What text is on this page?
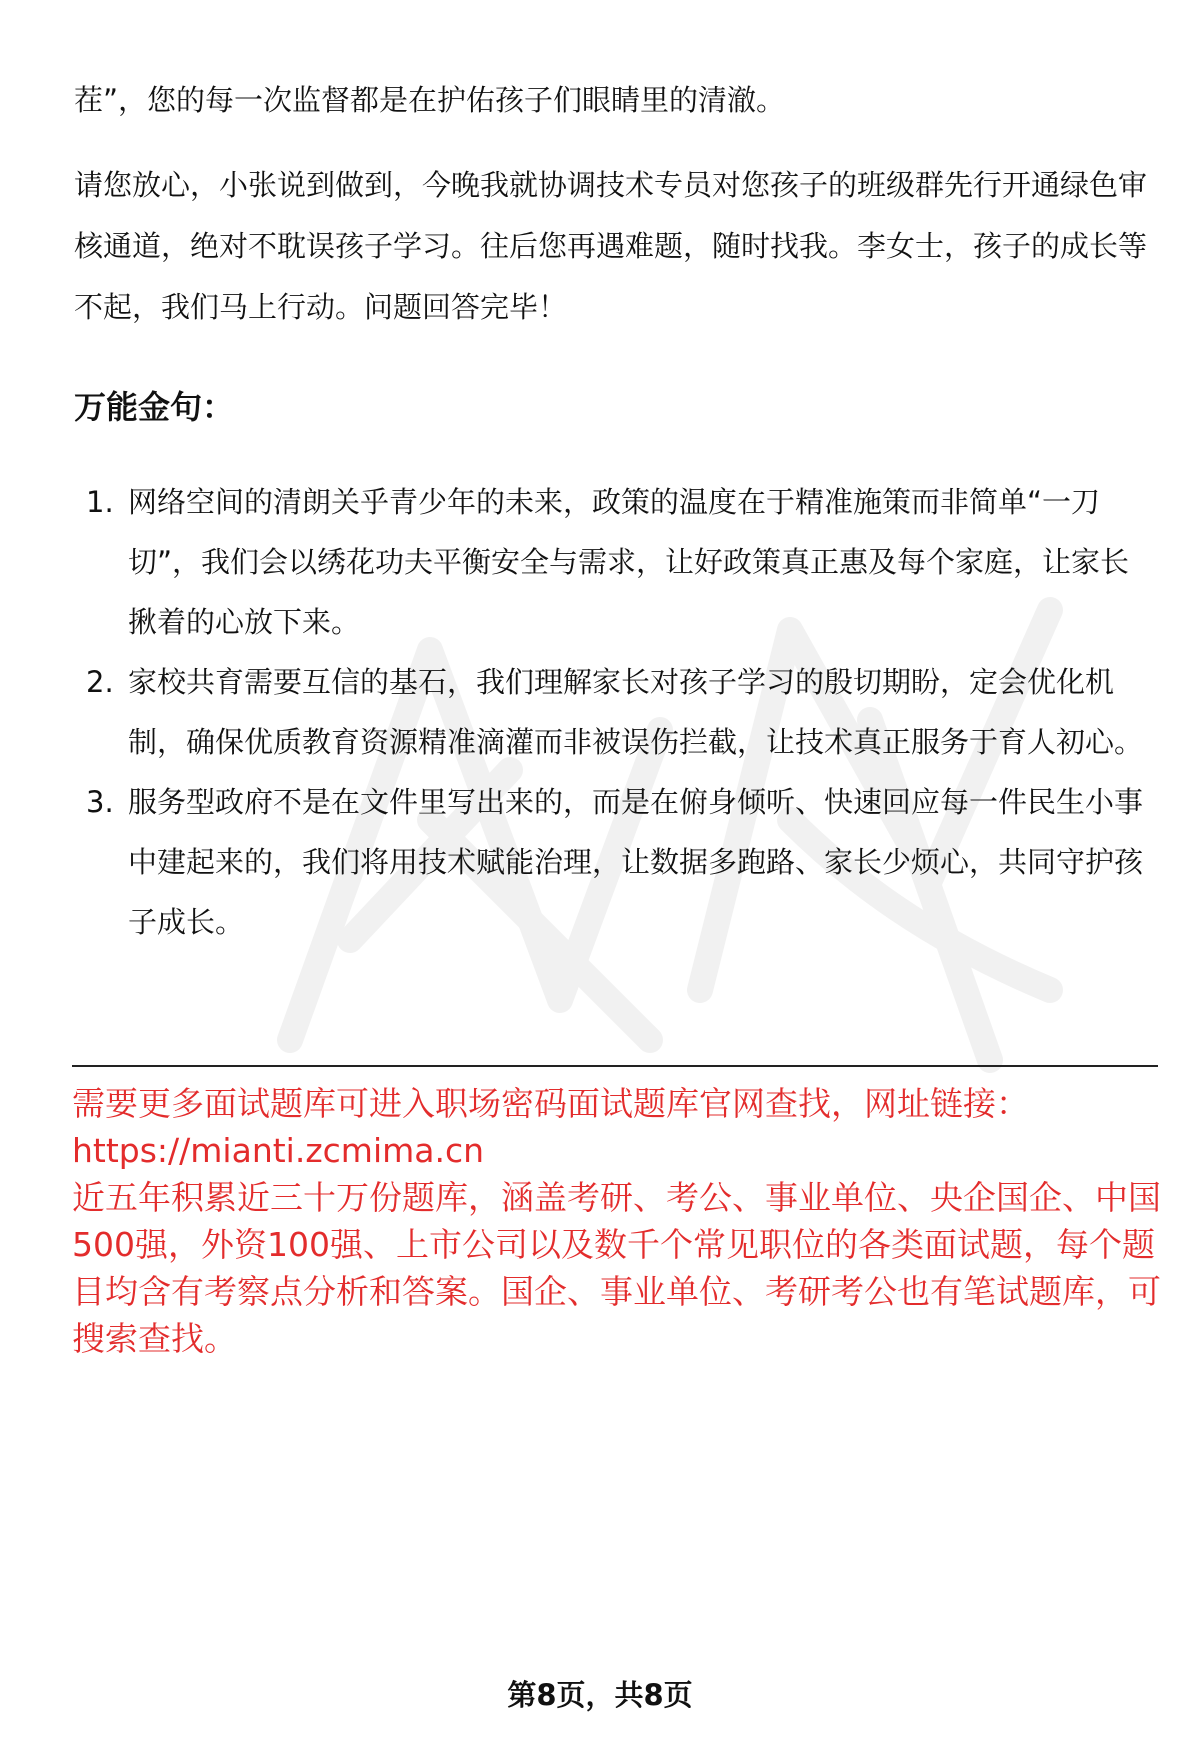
茬”，您的每一次监督都是在护佑孩子们眼睛里的清澈。

请您放心，小张说到做到，今晚我就协调技术专员对您孩子的班级群先行开通绿色审核通道，绝对不耽误孩子学习。往后您再遇难题，随时找我。李女士，孩子的成长等不起，我们马上行动。问题回答完毕！

万能金句：
1. 网络空间的清朗关乎青少年的未来，政策的温度在于精准施策而非简单“一刀切”，我们会以绣花功夫平衡安全与需求，让好政策真正惠及每个家庭，让家长揪着的心放下来。
2. 家校共育需要互信的基石，我们理解家长对孩子学习的殷切期盼，定会优化机制，确保优质教育资源精准滴灌而非被误伤拦截，让技术真正服务于育人初心。
3. 服务型政府不是在文件里写出来的，而是在俯身倾听、快速回应每一件民生小事中建起来的，我们将用技术赋能治理，让数据多跑路、家长少烦心，共同守护孩子成长。
需要更多面试题库可进入职场密码面试题库官网查找，网址链接：
https://mianti.zcmima.cn
近五年积累近三十万份题库，涵盖考研、考公、事业单位、央企国企、中国500强，外资100强、上市公司以及数千个常见职位的各类面试题，每个题目均含有考察点分析和答案。国企、事业单位、考研考公也有笔试题库，可搜索查找。
第8页，共8页
